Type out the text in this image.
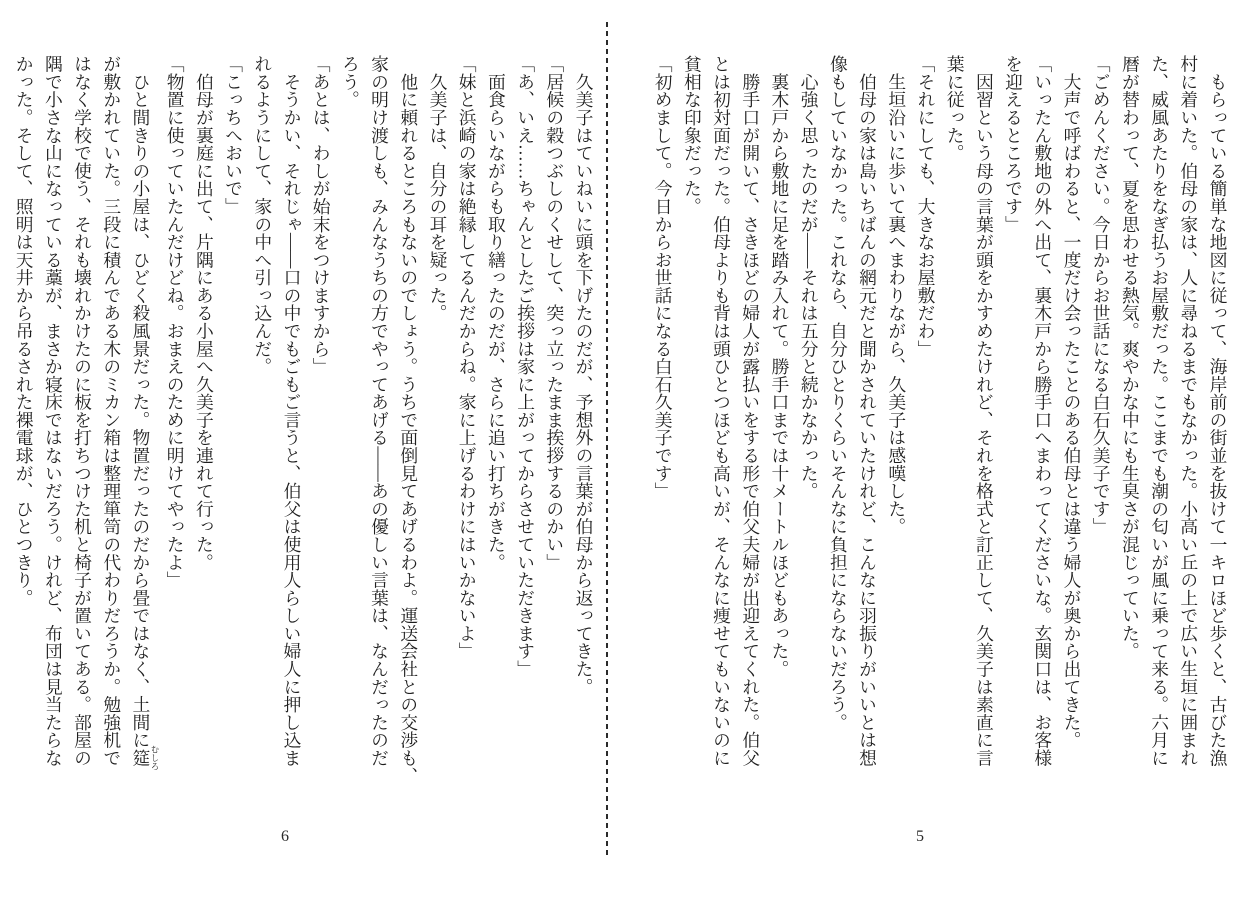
　もらっている簡単な地図に従って、海岸前の街並を抜けて一キロほど歩くと、古びた漁

村に着いた。伯母の家は、人に尋ねるまでもなかった。小高い丘の上で広い生垣に囲まれ

た、威風あたりをなぎ払うお屋敷だった。ここまでも潮の匂いが風に乗って来る。六月に

暦が替わって、夏を思わせる熱気。爽やかな中にも生臭さが混じっていた。

「ごめんください。今日からお世話になる白石久美子です」

　大声で呼ばわると、一度だけ会ったことのある伯母とは違う婦人が奥から出てきた。

「いったん敷地の外へ出て、裏木戸から勝手口へまわってくださいな。玄関口は、お客様

を迎えるところです」

　因習という母の言葉が頭をかすめたけれど、それを格式と訂正して、久美子は素直に言

葉に従った。

「それにしても、大きなお屋敷だわ」

　生垣沿いに歩いて裏へまわりながら、久美子は感嘆した。

　伯母の家は島いちばんの網元だと聞かされていたけれど、こんなに羽振りがいいとは想

像もしていなかった。これなら、自分ひとりくらいそんなに負担にならないだろう。

　心強く思ったのだが――それは五分と続かなかった。

　裏木戸から敷地に足を踏み入れて。勝手口までは十メートルほどもあった。

　勝手口が開いて、さきほどの婦人が露払いをする形で伯父夫婦が出迎えてくれた。伯父

とは初対面だった。伯母よりも背は頭ひとつほども高いが、そんなに痩せてもいないのに

貧相な印象だった。

「初めまして。今日からお世話になる白石久美子です」

　久美子はていねいに頭を下げたのだが、予想外の言葉が伯母から返ってきた。

「居候の穀つぶしのくせして、突っ立ったまま挨拶するのかい」

「あ、いえ……ちゃんとしたご挨拶は家に上がってからさせていただきます」

　面食らいながらも取り繕ったのだが、さらに追い打ちがきた。

「妹と浜崎の家は絶縁してるんだからね。家に上げるわけにはいかないよ」

　久美子は、自分の耳を疑った。

　他に頼れるところもないのでしょう。うちで面倒見てあげるわよ。運送会社との交渉も、

家の明け渡しも、みんなうちの方でやってあげる――あの優しい言葉は、なんだったのだ

ろう。

「あとは、わしが始末をつけますから」

　そうかい、それじゃ――口の中でもごもご言うと、伯父は使用人らしい婦人に押し込ま

れるようにして、家の中へ引っ込んだ。

「こっちへおいで」

　伯母が裏庭に出て、片隅にある小屋へ久美子を連れて行った。

「物置に使っていたんだけどね。おまえのために明けてやったよ」

　ひと間きりの小屋は、ひどく殺風景だった。物置だったのだから畳ではなく、土間に筵 むしろ

が敷かれていた。三段に積んである木のミカン箱は整理箪笥の代わりだろうか。勉強机で

はなく学校で使う、それも壊れかけたのに板を打ちつけた机と椅子が置いてある。部屋の

隅で小さな山になっている藁が、まさか寝床ではないだろう。けれど、布団は見当たらな

かった。そして、照明は天井から吊るされた裸電球が、ひとつきり。

5
6
